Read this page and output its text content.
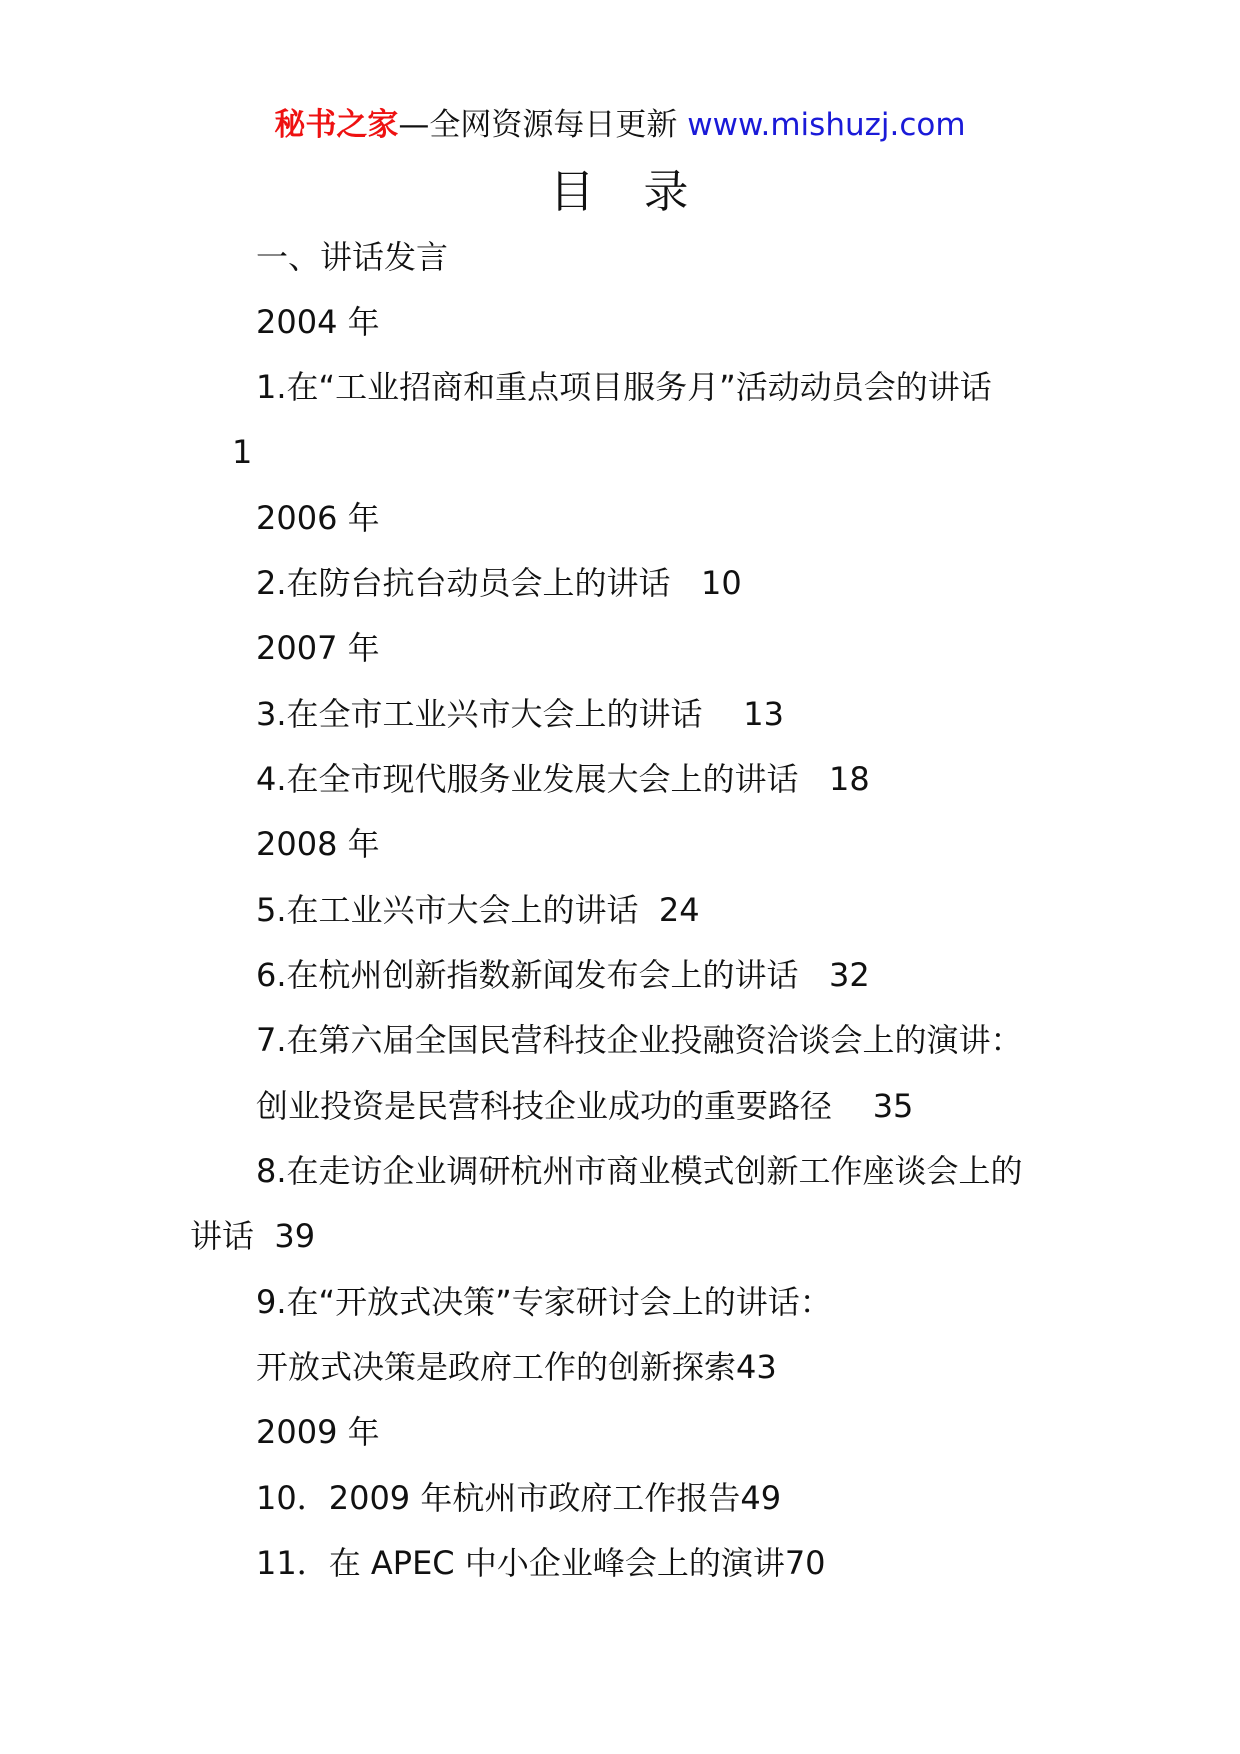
秘书之家—全网资源每日更新 www.mishuzj.com
目　录
一、讲话发言
2004 年
1.在“工业招商和重点项目服务月”活动动员会的讲话
1
2006 年
2.在防台抗台动员会上的讲话   10
2007 年
3.在全市工业兴市大会上的讲话    13
4.在全市现代服务业发展大会上的讲话   18
2008 年
5.在工业兴市大会上的讲话  24
6.在杭州创新指数新闻发布会上的讲话   32
7.在第六届全国民营科技企业投融资洽谈会上的演讲：
创业投资是民营科技企业成功的重要路径    35
8.在走访企业调研杭州市商业模式创新工作座谈会上的
讲话  39
9.在“开放式决策”专家研讨会上的讲话：
开放式决策是政府工作的创新探索43
2009 年
10．2009 年杭州市政府工作报告49
11．在 APEC 中小企业峰会上的演讲70
